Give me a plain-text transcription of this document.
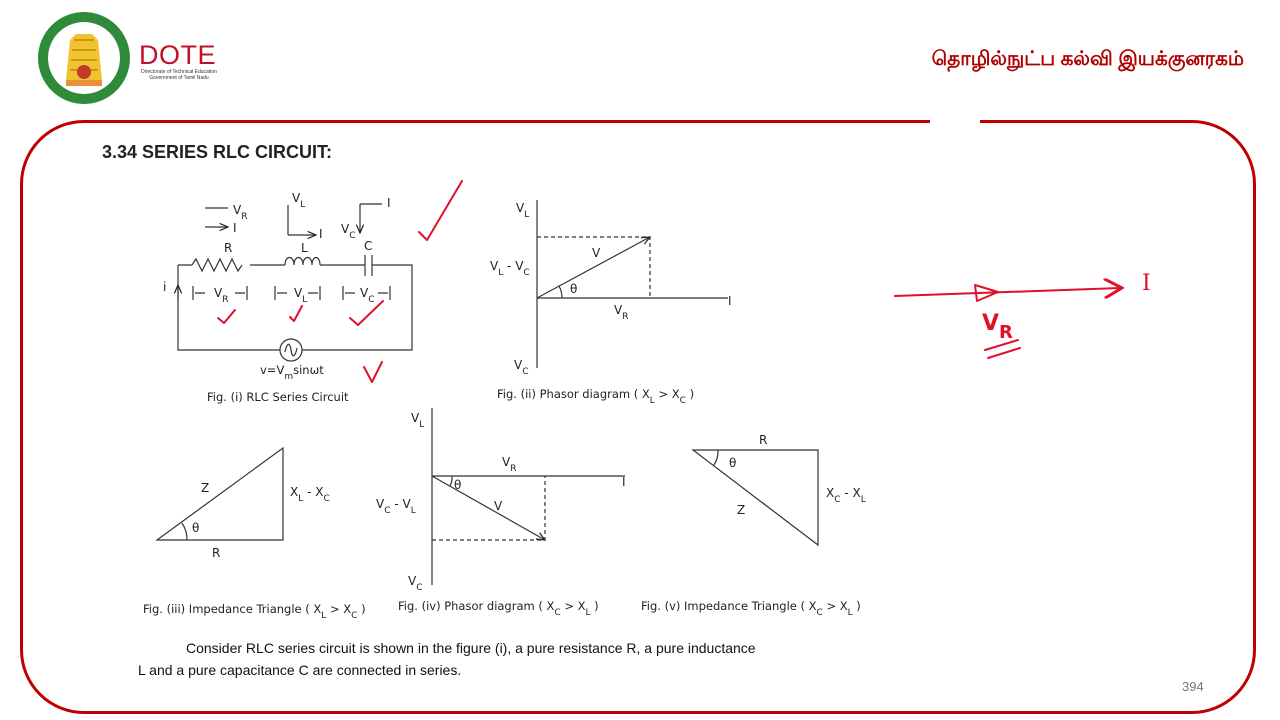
DOTE
Directorate of Technical Education
Government of Tamil Nadu
தொழில்நுட்ப கல்வி இயக்குனரகம்
3.34 SERIES RLC CIRCUIT:
R	L	C
i	$V_R$	$V_L$	$V_C$
$V_R$
I
$V_L$
I $V_C$
I
$v=V_m\sin\omega t$
Fig. (i) RLC Series Circuit
$V_L$
$V_L - V_C$
V
θ
$V_R$
I
$V_C$
Fig. (ii) Phasor diagram ( $X_L > X_C$ )
Z
R
θ
$X_L - X_C$
Fig. (iii) Impedance Triangle ( $X_L > X_C$ )
$V_L$
$V_C - V_L$
$V_R$
I
V
θ
$V_C$
Fig. (iv) Phasor diagram ( $X_C > X_L$ )
R
Z
θ
$X_C - X_L$
Fig. (v) Impedance Triangle ( $X_C > X_L$ )
I
$V_R$
Consider RLC series circuit is shown in the figure (i), a pure resistance R, a pure inductance
L and a pure capacitance C are connected in series.
394
